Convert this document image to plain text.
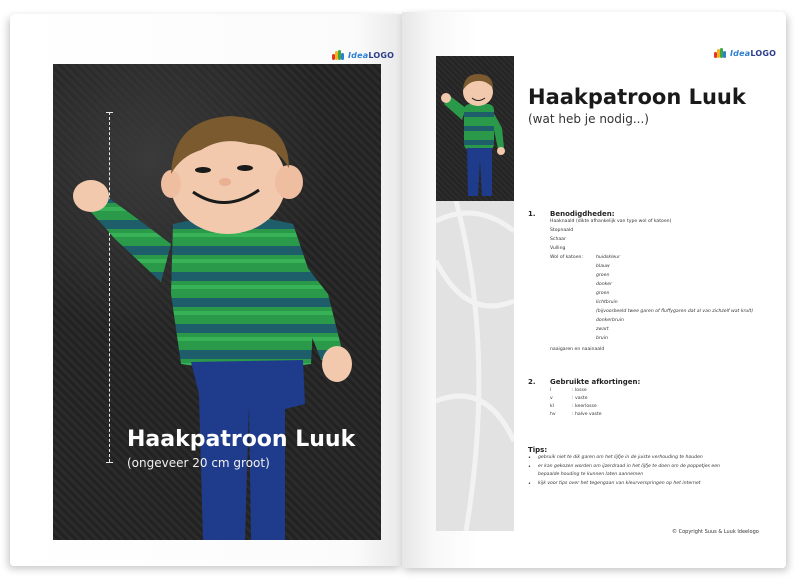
IdeaLOGO
Haakpatroon Luuk
(ongeveer 20 cm groot)
IdeaLOGO
Haakpatroon Luuk
(wat heb je nodig...)
1. Benodigdheden:
Haaknaald (dikte afhankelijk van type wol of katoen)
Stopnaald
Schaar
Vulling
Wol of katoen:	huidskleur
blauw
groen
donker
groen
lichtbruin
(bijvoorbeeld twee garen of fluffygaren dat al van zichzelf wat krult)
donkerbruin
zwart
bruin
naaigaren en naainaald
2. Gebruikte afkortingen:
l	: losse
v	: vaste
kl	: keerlosse
hv	: halve vaste
Tips:
• gebruik niet te dik garen om het lijfje in de juiste verhouding te houden
• er kan gekozen worden om ijzerdraad in het lijfje te doen om de poppetjes een
bepaalde houding te kunnen laten aannemen
• kijk voor tips over het tegengaan van kleurverspringen op het internet
© Copyright Suus & Luuk Ideelogo
